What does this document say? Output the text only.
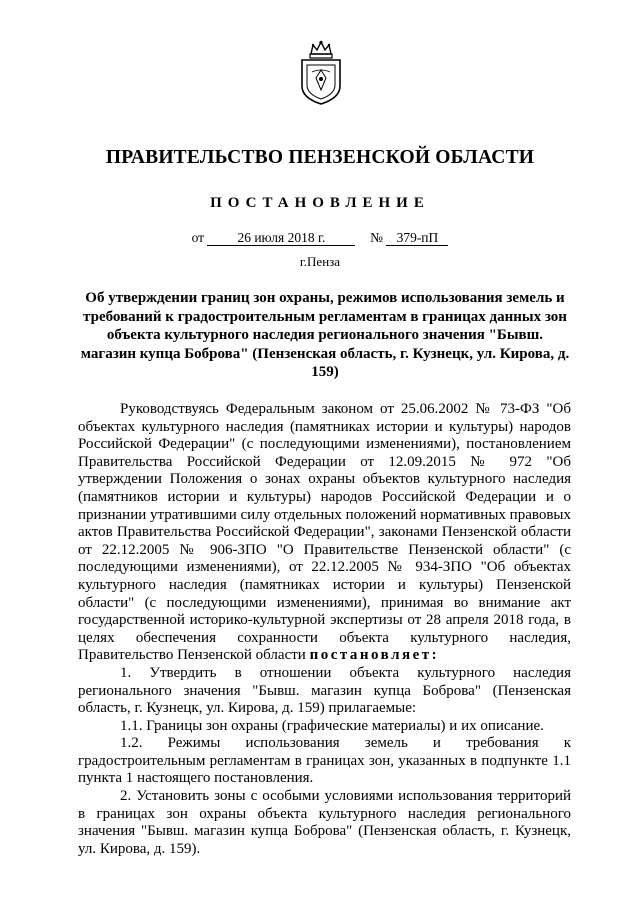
ПРАВИТЕЛЬСТВО ПЕНЗЕНСКОЙ ОБЛАСТИ
ПОСТАНОВЛЕНИЕ
от 26 июля 2018 г.	№ 379-пП
г.Пенза
Об утверждении границ зон охраны, режимов использования земель и требований к градостроительным регламентам в границах данных зон объекта культурного наследия регионального значения "Бывш. магазин купца Боброва" (Пензенская область, г. Кузнецк, ул. Кирова, д. 159)

Руководствуясь Федеральным законом от 25.06.2002 № 73-ФЗ "Об объектах культурного наследия (памятниках истории и культуры) народов Российской Федерации" (с последующими изменениями), постановлением Правительства Российской Федерации от 12.09.2015 № 972 "Об утверждении Положения о зонах охраны объектов культурного наследия (памятников истории и культуры) народов Российской Федерации и о признании утратившими силу отдельных положений нормативных правовых актов Правительства Российской Федерации", законами Пензенской области от 22.12.2005 № 906-ЗПО "О Правительстве Пензенской области" (с последующими изменениями), от 22.12.2005 № 934-ЗПО "Об объектах культурного наследия (памятниках истории и культуры) Пензенской области" (с последующими изменениями), принимая во внимание акт государственной историко-культурной экспертизы от 28 апреля 2018 года, в целях обеспечения сохранности объекта культурного наследия, Правительство Пензенской области постановляет:

1. Утвердить в отношении объекта культурного наследия регионального значения "Бывш. магазин купца Боброва" (Пензенская область, г. Кузнецк, ул. Кирова, д. 159) прилагаемые:

1.1. Границы зон охраны (графические материалы) и их описание.

1.2. Режимы использования земель и требования к градостроительным регламентам в границах зон, указанных в подпункте 1.1 пункта 1 настоящего постановления.

2. Установить зоны с особыми условиями использования территорий в границах зон охраны объекта культурного наследия регионального значения "Бывш. магазин купца Боброва" (Пензенская область, г. Кузнецк, ул. Кирова, д. 159).
